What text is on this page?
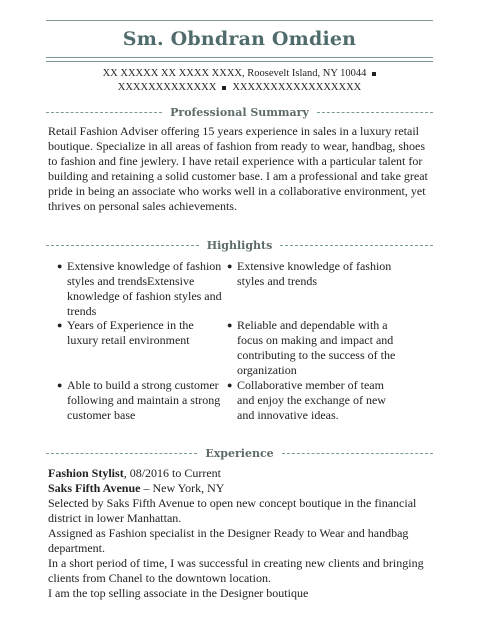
Sm. Obndran Omdien
XX XXXXX XX XXXX XXXX, Roosevelt Island, NY 10044
XXXXXXXXXXXXX XXXXXXXXXXXXXXXXX
Professional Summary
Retail Fashion Adviser offering 15 years experience in sales in a luxury retail boutique. Specialize in all areas of fashion from ready to wear, handbag, shoes to fashion and fine jewlery. I have retail experience with a particular talent for building and retaining a solid customer base. I am a professional and take great pride in being an associate who works well in a collaborative environment, yet thrives on personal sales achievements.
Highlights
● Extensive knowledge of fashion styles and trendsExtensive knowledge of fashion styles and trends
● Extensive knowledge of fashion styles and trends
● Years of Experience in the luxury retail environment
● Reliable and dependable with a focus on making and impact and contributing to the success of the organization
● Able to build a strong customer following and maintain a strong customer base
● Collaborative member of team and enjoy the exchange of new and innovative ideas.
Experience
Fashion Stylist, 08/2016 to Current
Saks Fifth Avenue – New York, NY

Selected by Saks Fifth Avenue to open new concept boutique in the financial district in lower Manhattan.

Assigned as Fashion specialist in the Designer Ready to Wear and handbag department.

In a short period of time, I was successful in creating new clients and bringing clients from Chanel to the downtown location.

I am the top selling associate in the Designer boutique
